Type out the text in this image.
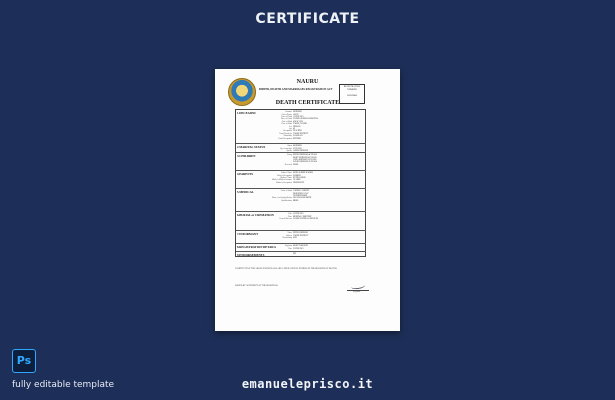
CERTIFICATE
NAURU
BIRTHS, DEATHS AND MARRIAGES REGISTRATION ACT
REGISTRATION NUMBER
2019/0000
DEATH CERTIFICATE
1.DECEASED	Surname JOHNSON
Given Names ALICE
Date of Death 1 JUNE 2019
Place of Death NAURU GENERAL HOSPITAL
Date of Birth 4 MAY 1950
Place of Birth YAREN, NAURU
Sex FEMALE
Age 69
Occupation TEACHER
Usual Residence YAREN DISTRICT
Nationality NAURUAN
Usual Occupation RETIRED
2.MARITAL STATUS	Status MARRIED
Age at marriage 25 YEARS
Spouse JAMES JOHNSON
3.CHILDREN	Living PETER JOHNSON 44 YEARS
MARY JOHNSON 42 YEARS
ANNA JOHNSON 39 YEARS
DAVID JOHNSON 36 YEARS
Deceased NONE
4.PARENTS	Father's Name JOHN ALBERT HARRIS
Father's Occupation FARMER
Mother's Name RUTH HARRIS
Mother's Maiden Surname CLARKE
Mother's Occupation HOUSEWIFE
5.MEDICAL	Cause of death CARDIAC ARREST
DURATION 1 DAY
HYPERTENSION
Name of certifying Doctor DR. WILLIAM SMITH
Qualifications MBBS
6.BURIAL or CREMATION	Date 5 JUNE 2019
Place MENENG CEMETERY
Funeral Director NAURU FUNERAL SERVICES
7.INFORMANT	Name PETER JOHNSON
Address YAREN DISTRICT
Relationship SON
8.REGISTRATION DETAILS	Registrar MARY TAMAKIN
Date 3 JUNE 2019
9.ENDORSEMENTS	NIL
I CERTIFY THAT THE ABOVE PARTICULARS ARE A TRUE COPY OF ENTRIES IN THE REGISTER OF DEATHS
ISSUED BY AUTHORITY OF THE REGISTRAR
Registrar
Ps
fully editable template	emanueleprisco.it
